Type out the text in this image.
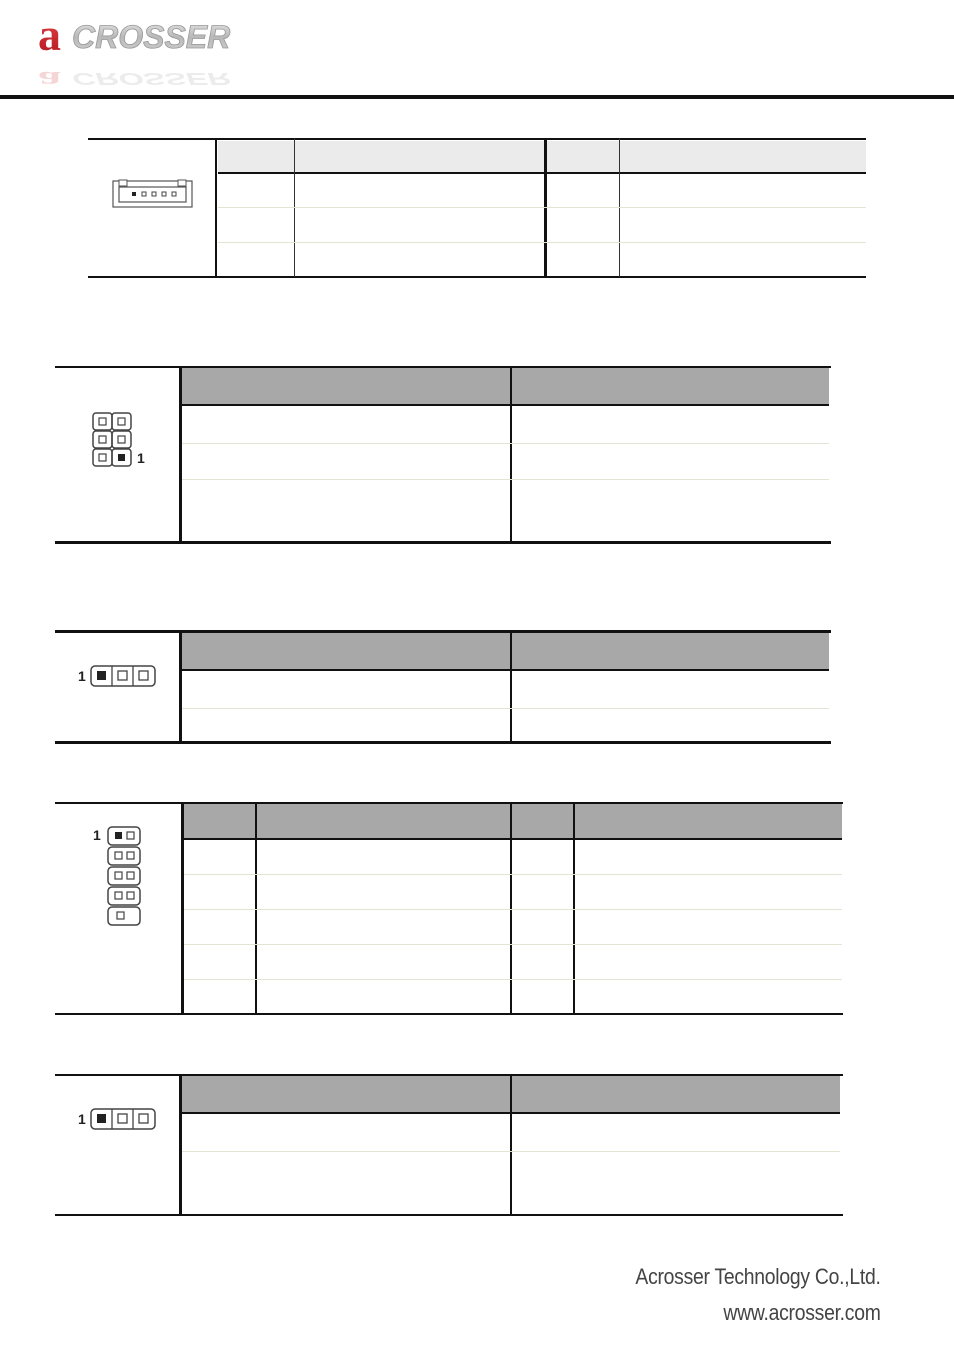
a CROSSER
a CROSSER
1
1
1
1
Acrosser Technology Co.,Ltd.
www.acrosser.com
